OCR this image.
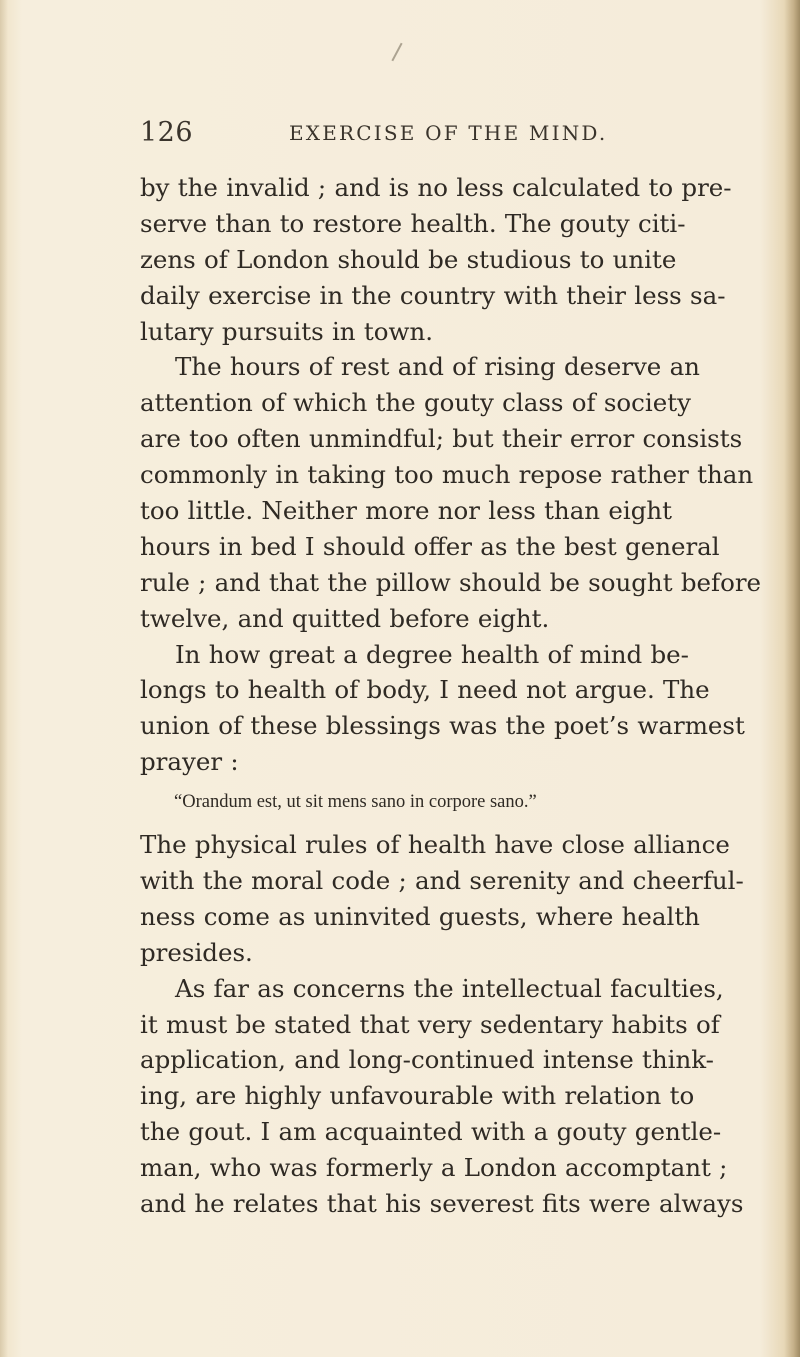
126	EXERCISE OF THE MIND.
by the invalid ; and is no less calculated to pre-
serve than to restore health. The gouty citi-
zens of London should be studious to unite
daily exercise in the country with their less sa-
lutary pursuits in town.
The hours of rest and of rising deserve an
attention of which the gouty class of society
are too often unmindful; but their error consists
commonly in taking too much repose rather than
too little. Neither more nor less than eight
hours in bed I should offer as the best general
rule ; and that the pillow should be sought before
twelve, and quitted before eight.
In how great a degree health of mind be-
longs to health of body, I need not argue. The
union of these blessings was the poet’s warmest
prayer :
“Orandum est, ut sit mens sano in corpore sano.”
The physical rules of health have close alliance
with the moral code ; and serenity and cheerful-
ness come as uninvited guests, where health
presides.
As far as concerns the intellectual faculties,
it must be stated that very sedentary habits of
application, and long-continued intense think-
ing, are highly unfavourable with relation to
the gout. I am acquainted with a gouty gentle-
man, who was formerly a London accomptant ;
and he relates that his severest fits were always
